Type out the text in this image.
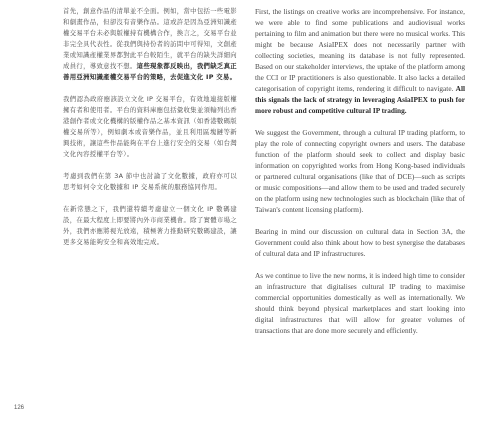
首先，創意作品的清單並不全面。例如，當中包括一些電影和劇畫作品，但卻沒有音樂作品。這或許是因為亞洲知識產權交易平台未必與版權持有機構合作，換言之，交易平台並非完全具代表性。從我們與持份者的訪問中可得知，文創產業或知識產權業界都對此平台較陌生，就平台的缺失詳細向成員行，導致意找不想。這些現象都反映出，我們缺乏真正善用亞洲知識產權交易平台的策略，去促進文化 IP 交易。

我們認為政府應該設立文化 IP 交易平台，有效地連接版權擁有者和使用者。平台的資料庫應包括彙收集並須輸列出香港創作者或文化機構的版權作品之基本資訊（如香港數碼版權交易所等），例如劇本或音樂作品，並且利用區塊鏈等新興技術，讓這些作品能夠在平台上進行安全的交易（如台灣文化內容授權平台等）。

考慮到我們在第 3A 節中也討論了文化數據，政府亦可以思考如何令文化數據和 IP 交易系統的服務協同作用。

在新常態之下，我們還特續考慮建立一個文化 IP 數碼建設，在最大程度上即要將內外市商業機會。除了實體市場之外，我們亦應將視光放遠，積極著力推動研究數碼建設，讓更多交易能夠安全和高效地完成。

First, the listings on creative works are incomprehensive. For instance, we were able to find some publications and audiovisual works pertaining to film and animation but there were no musical works. This might be because AsiaIPEX does not necessarily partner with collecting societies, meaning its database is not fully represented. Based on our stakeholder interviews, the uptake of the platform among the CCI or IP practitioners is also questionable. It also lacks a detailed categorisation of copyright items, rendering it difficult to navigate. All this signals the lack of strategy in leveraging AsiaIPEX to push for more robust and competitive cultural IP trading.

We suggest the Government, through a cultural IP trading platform, to play the role of connecting copyright owners and users. The database function of the platform should seek to collect and display basic information on copyrighted works from Hong Kong-based individuals or partnered cultural organisations (like that of DCE)—such as scripts or music compositions—and allow them to be used and traded securely on the platform using new technologies such as blockchain (like that of Taiwan's content licensing platform).

Bearing in mind our discussion on cultural data in Section 3A, the Government could also think about how to best synergise the databases of cultural data and IP infrastructures.

As we continue to live the new norms, it is indeed high time to consider an infrastructure that digitalises cultural IP trading to maximise commercial opportunities domestically as well as internationally. We should think beyond physical marketplaces and start looking into digital infrastructures that will allow for greater volumes of transactions that are done more securely and efficiently.

126
